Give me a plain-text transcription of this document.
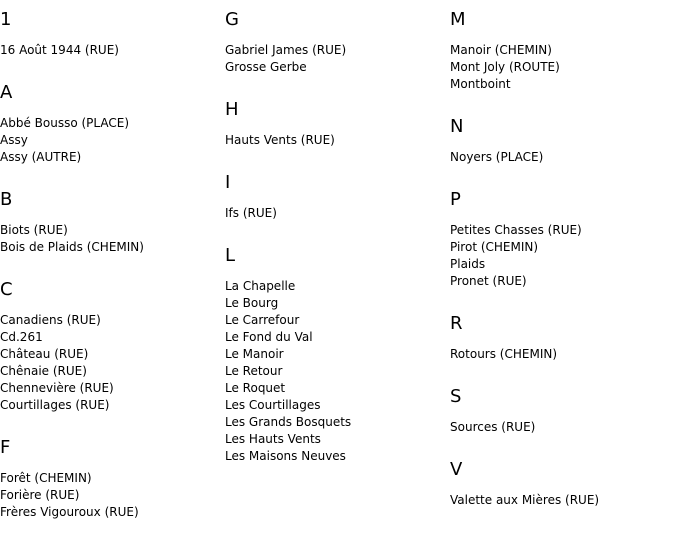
1
16 Août 1944 (RUE)
A
Abbé Bousso (PLACE)
Assy
Assy (AUTRE)
B
Biots (RUE)
Bois de Plaids (CHEMIN)
C
Canadiens (RUE)
Cd.261
Château (RUE)
Chênaie (RUE)
Chennevière (RUE)
Courtillages (RUE)
F
Forêt (CHEMIN)
Forière (RUE)
Frères Vigouroux (RUE)
G
Gabriel James (RUE)
Grosse Gerbe
H
Hauts Vents (RUE)
I
Ifs (RUE)
L
La Chapelle
Le Bourg
Le Carrefour
Le Fond du Val
Le Manoir
Le Retour
Le Roquet
Les Courtillages
Les Grands Bosquets
Les Hauts Vents
Les Maisons Neuves
M
Manoir (CHEMIN)
Mont Joly (ROUTE)
Montboint
N
Noyers (PLACE)
P
Petites Chasses (RUE)
Pirot (CHEMIN)
Plaids
Pronet (RUE)
R
Rotours (CHEMIN)
S
Sources (RUE)
V
Valette aux Mières (RUE)
